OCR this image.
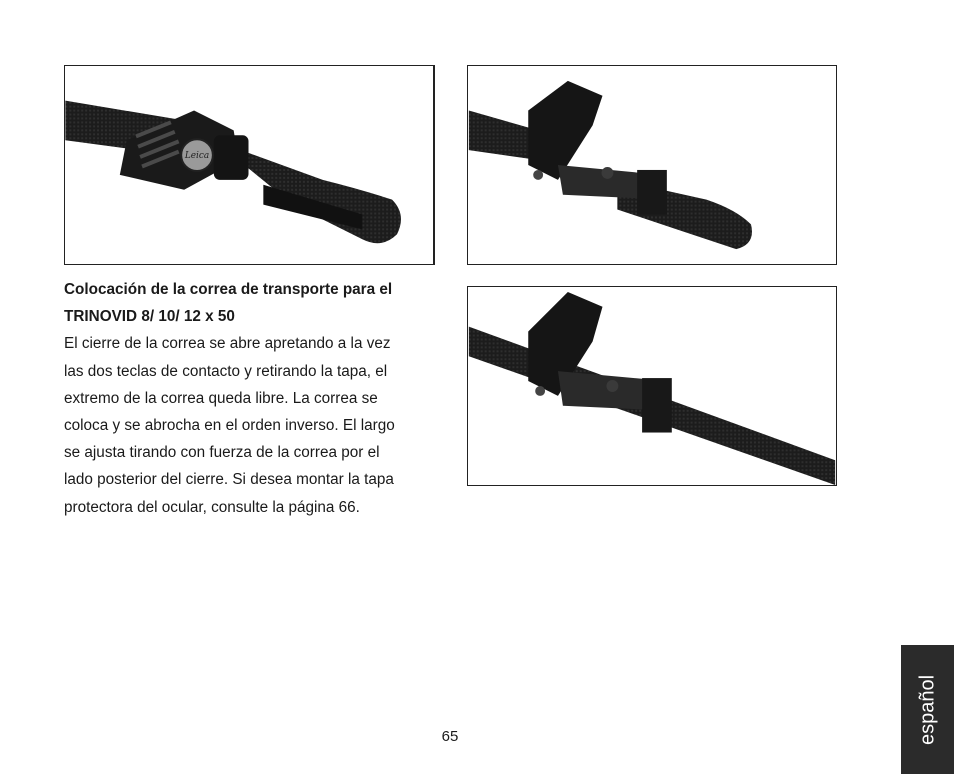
Leica

Colocación de la correa de transporte para el

TRINOVID 8/ 10/ 12 x 50

El cierre de la correa se abre apretando a la vez

las dos teclas de contacto y retirando la tapa, el

extremo de la correa queda libre. La correa se

coloca y se abrocha en el orden inverso. El largo

se ajusta tirando con fuerza de la correa por el

lado posterior del cierre. Si desea montar la tapa

protectora del ocular, consulte la página 66.

65	español
